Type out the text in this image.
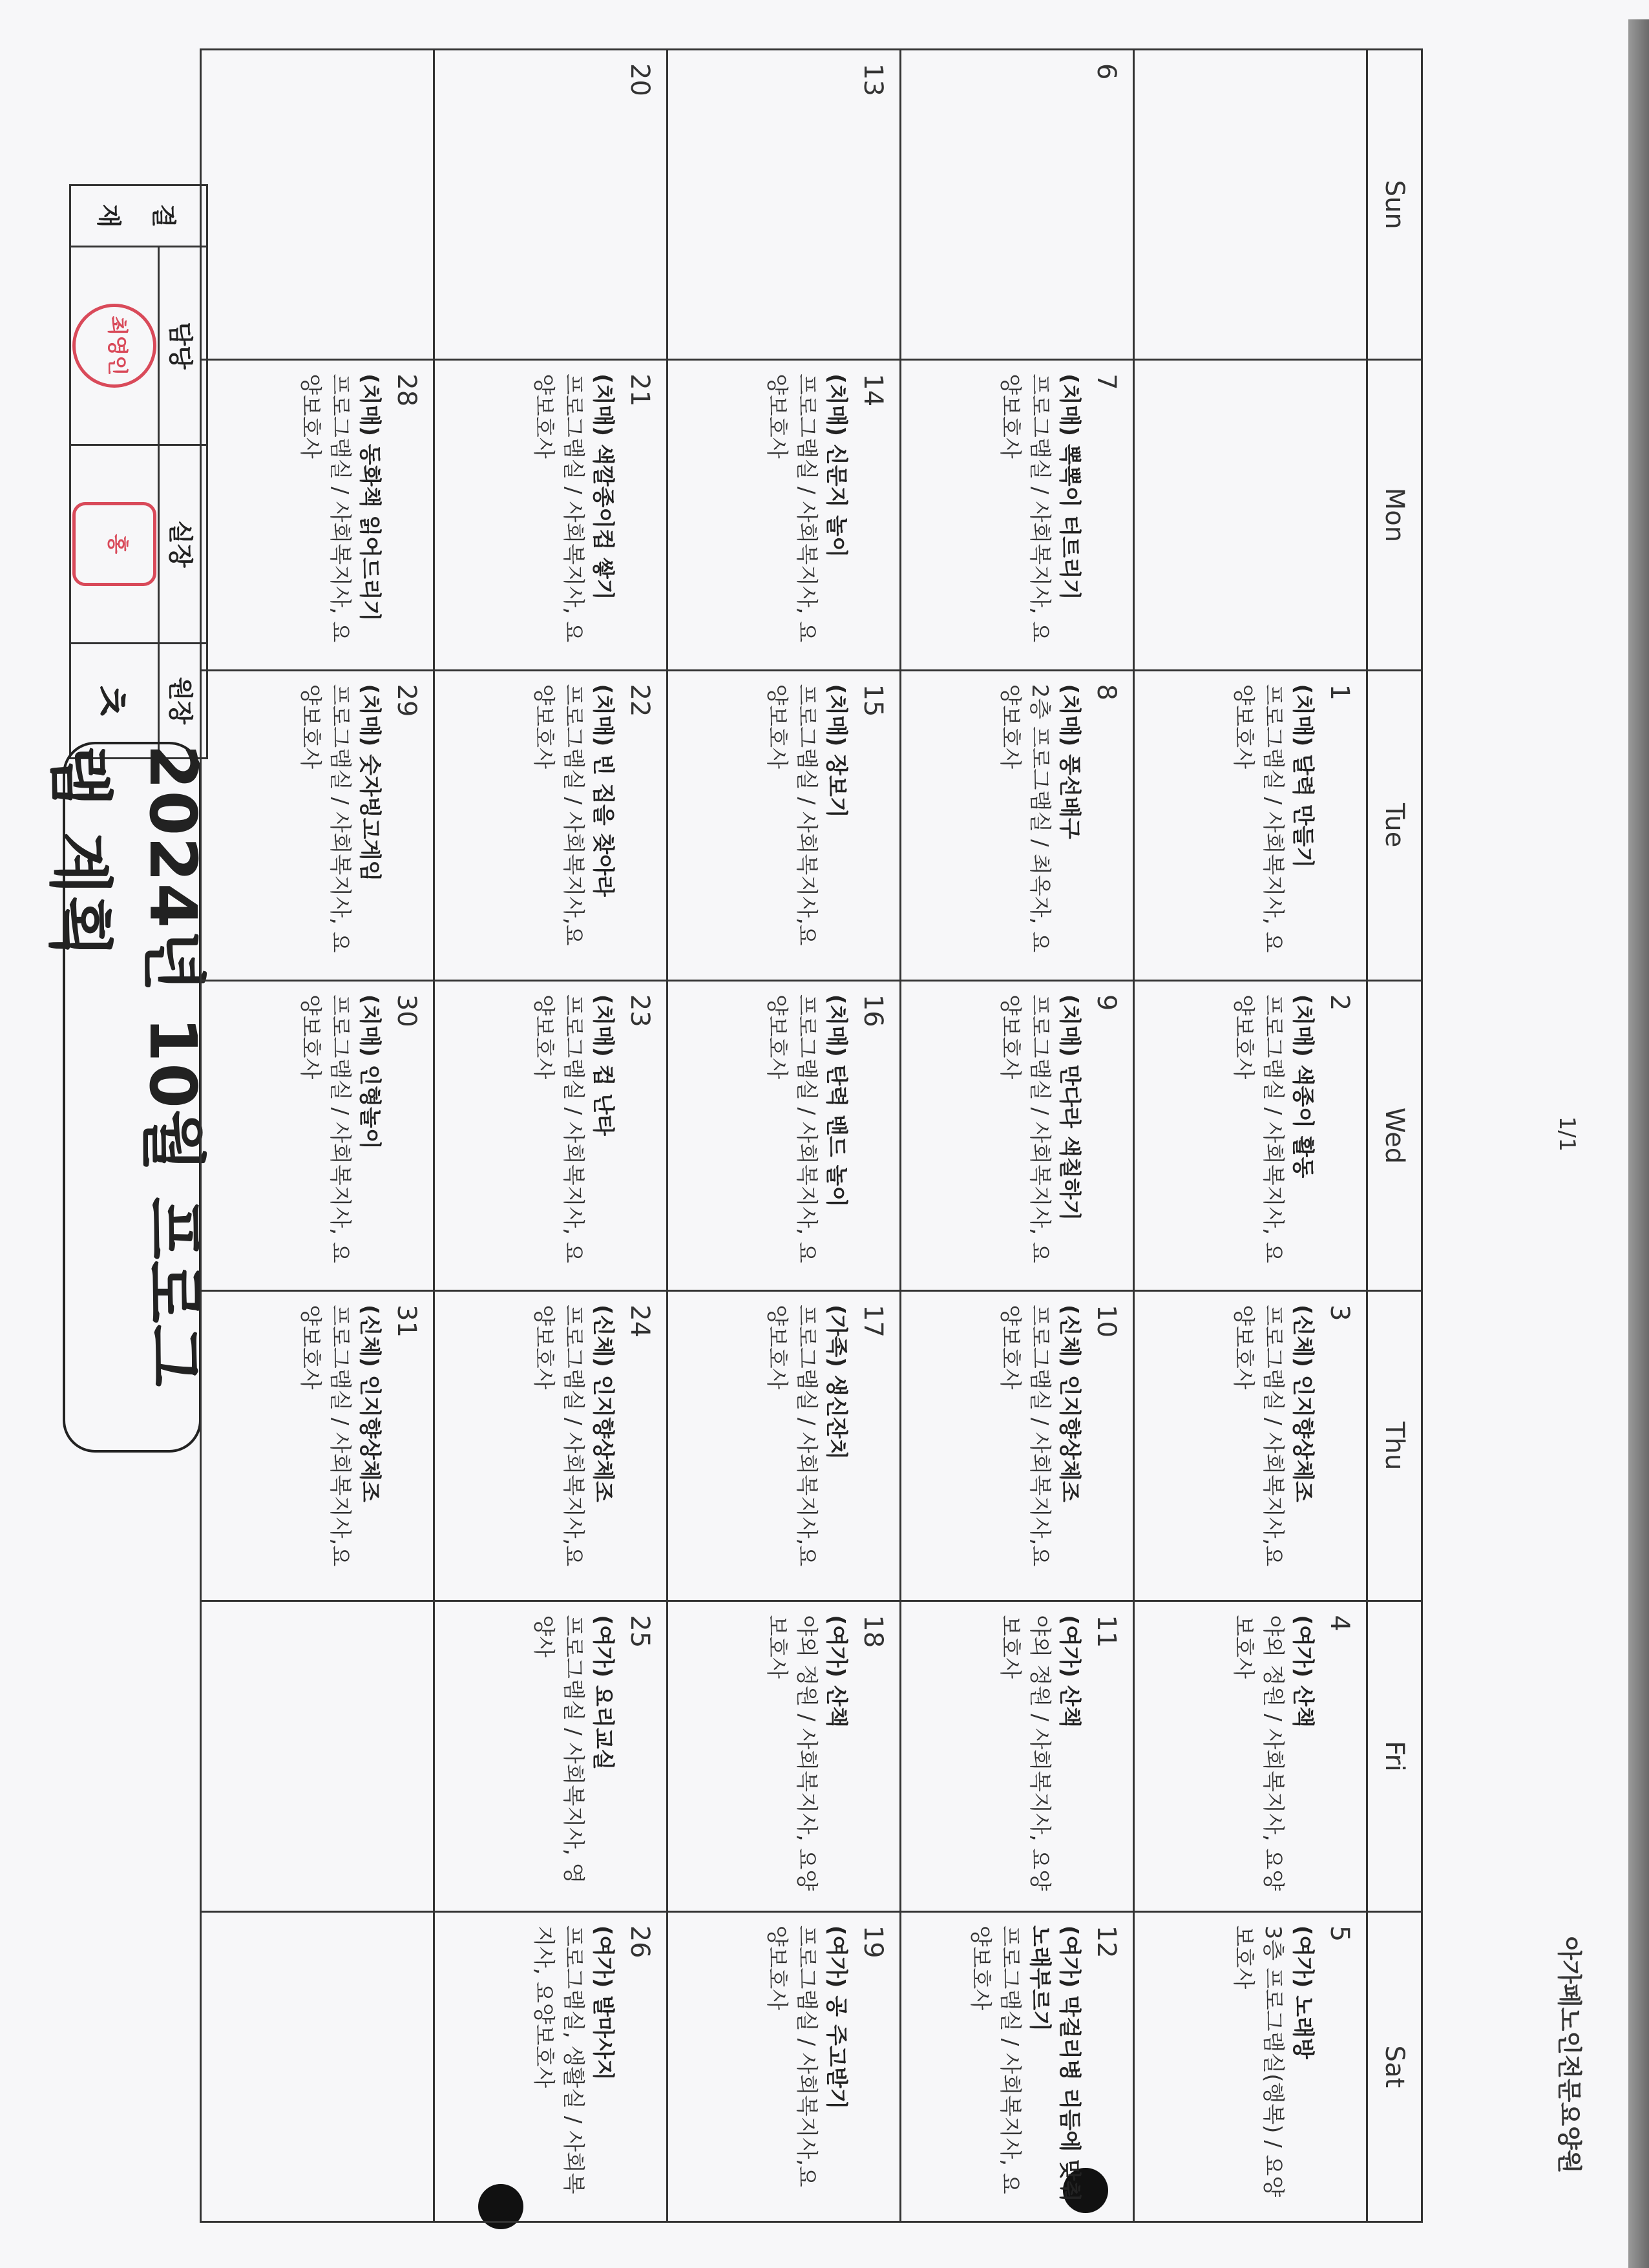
결
재	담당	실장	원장
	최영인	홍	ㅊ
2024년 10월 프로그램 계획
Sun	Mon	Tue	Wed	Thu	Fri	Sat

		1
(치매) 달력 만들기
프로그램실 / 사회복지사, 요양보호사	2
(치매) 색종이 활동
프로그램실 / 사회복지사, 요양보호사	3
(신체) 인지향상체조
프로그램실 / 사회복지사,요양보호사	4
(여가) 산책
야외 정원 / 사회복지사, 요양보호사	5
(여가) 노래방
3층 프로그램실(행복) / 요양보호사

6	7
(치매) 뽁뽁이 터트리기
프로그램실 / 사회복지사, 요양보호사	8
(치매) 풍선배구
2층 프로그램실 / 최옥자, 요양보호사	9
(치매) 만다라 색칠하기
프로그램실 / 사회복지사, 요양보호사	10
(신체) 인지향상체조
프로그램실 / 사회복지사,요양보호사	11
(여가) 산책
야외 정원 / 사회복지사, 요양보호사	12
(여가) 막걸리병 리듬에 맞춰 노래부르기
프로그램실 / 사회복지사, 요양보호사

13	14
(치매) 신문지 놀이
프로그램실 / 사회복지사, 요양보호사	15
(치매) 장보기
프로그램실 / 사회복지사,요양보호사	16
(치매) 탄력 밴드 놀이
프로그램실 / 사회복지사, 요양보호사	17
(가족) 생신잔치
프로그램실 / 사회복지사,요양보호사	18
(여가) 산책
야외 정원 / 사회복지사, 요양보호사	19
(여가) 공 주고받기
프로그램실 / 사회복지사,요양보호사

20	21
(치매) 색깔종이컵 쌓기
프로그램실 / 사회복지사, 요양보호사	22
(치매) 빈 집을 찾아라
프로그램실 / 사회복지사,요양보호사	23
(치매) 컵 난타
프로그램실 / 사회복지사, 요양보호사	24
(신체) 인지향상체조
프로그램실 / 사회복지사,요양보호사	25
(여가) 요리교실
프로그램실 / 사회복지사, 영양사	26
(여가) 발마사지
프로그램실, 생활실 / 사회복지사, 요양보호사

	28
(치매) 동화책 읽어드리기
프로그램실 / 사회복지사, 요양보호사	29
(치매) 숫자빙고게임
프로그램실 / 사회복지사, 요양보호사	30
(치매) 인형놀이
프로그램실 / 사회복지사, 요양보호사	31
(신체) 인지향상체조
프로그램실 / 사회복지사,요양보호사		

1/1
아가페노인전문요양원
